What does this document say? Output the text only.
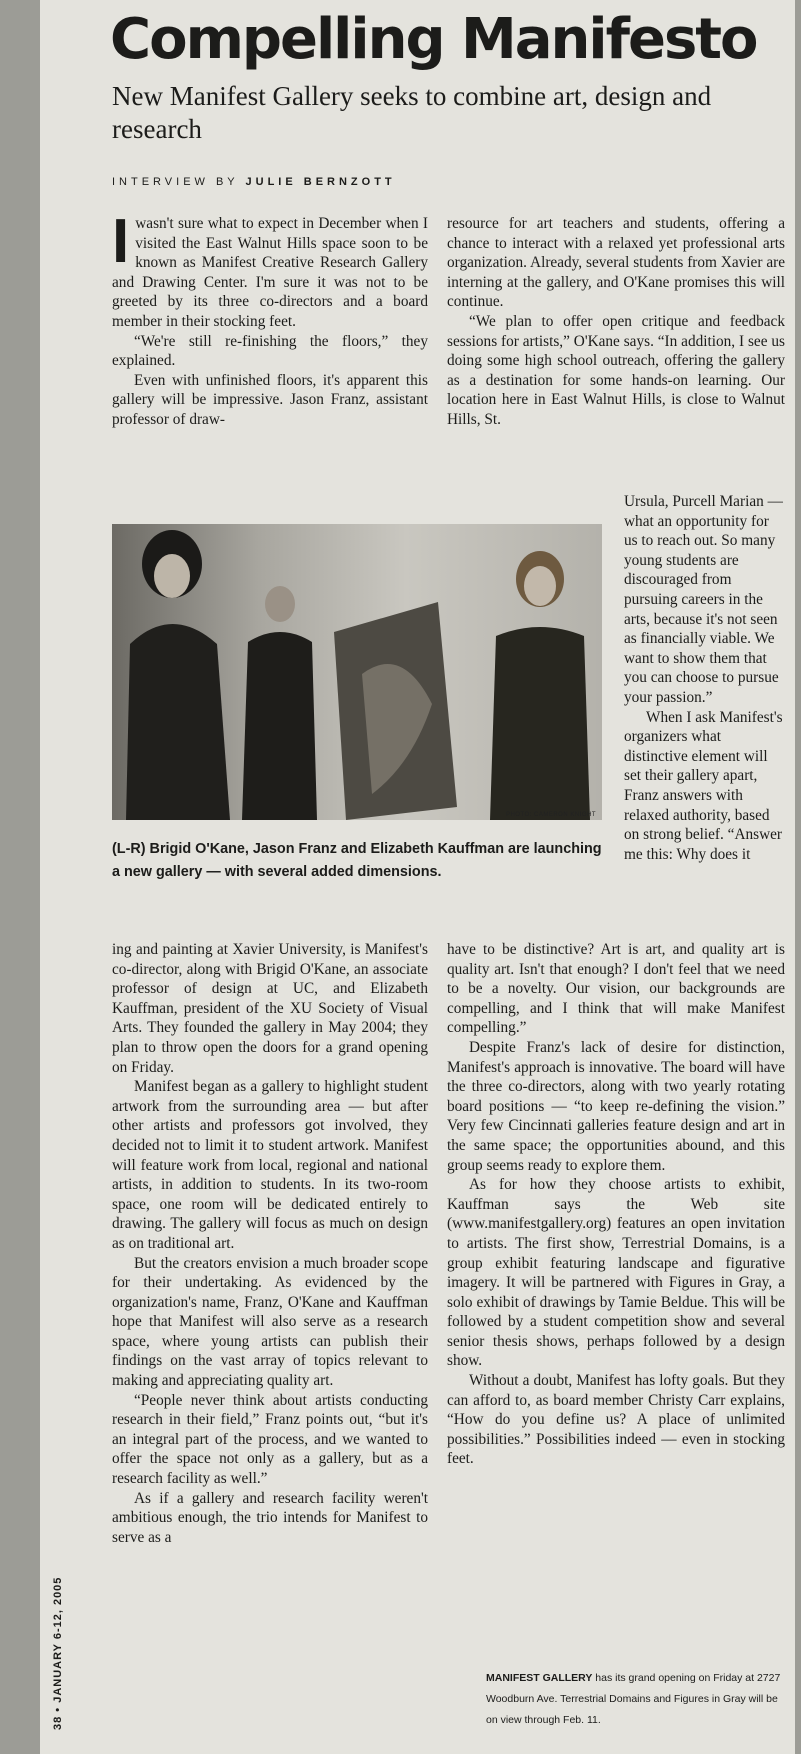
38 • JANUARY 6-12, 2005
Compelling Manifesto
New Manifest Gallery seeks to combine art, design and research
INTERVIEW BY JULIE BERNZOTT

Iwasn't sure what to expect in December when I visited the East Walnut Hills space soon to be known as Manifest Creative Research Gallery and Drawing Center. I'm sure it was not to be greeted by its three co-directors and a board member in their stocking feet.

“We're still re-finishing the floors,” they explained.

Even with unfinished floors, it's apparent this gallery will be impressive. Jason Franz, assistant professor of draw-

resource for art teachers and students, offering a chance to interact with a relaxed yet professional arts organization. Already, several students from Xavier are interning at the gallery, and O'Kane promises this will continue.

“We plan to offer open critique and feedback sessions for artists,” O'Kane says. “In addition, I see us doing some high school outreach, offering the gallery as a destination for some hands-on learning. Our location here in East Walnut Hills, is close to Walnut Hills, St.

Ursula, Purcell Marian — what an opportunity for us to reach out. So many young students are discouraged from pursuing careers in the arts, because it's not seen as financially viable. We want to show them that you can choose to pursue your passion.”

When I ask Manifest's organizers what distinctive element will set their gallery apart, Franz answers with relaxed authority, based on strong belief. “Answer me this: Why does it

PHOTO: CAMERON KNIGHT
(L-R) Brigid O'Kane, Jason Franz and Elizabeth Kauffman are launching a new gallery — with several added dimensions.

ing and painting at Xavier University, is Manifest's co-director, along with Brigid O'Kane, an associate professor of design at UC, and Elizabeth Kauffman, president of the XU Society of Visual Arts. They founded the gallery in May 2004; they plan to throw open the doors for a grand opening on Friday.

Manifest began as a gallery to highlight student artwork from the surrounding area — but after other artists and professors got involved, they decided not to limit it to student artwork. Manifest will feature work from local, regional and national artists, in addition to students. In its two-room space, one room will be dedicated entirely to drawing. The gallery will focus as much on design as on traditional art.

But the creators envision a much broader scope for their undertaking. As evidenced by the organization's name, Franz, O'Kane and Kauffman hope that Manifest will also serve as a research space, where young artists can publish their findings on the vast array of topics relevant to making and appreciating quality art.

“People never think about artists conducting research in their field,” Franz points out, “but it's an integral part of the process, and we wanted to offer the space not only as a gallery, but as a research facility as well.”

As if a gallery and research facility weren't ambitious enough, the trio intends for Manifest to serve as a

have to be distinctive? Art is art, and quality art is quality art. Isn't that enough? I don't feel that we need to be a novelty. Our vision, our backgrounds are compelling, and I think that will make Manifest compelling.”

Despite Franz's lack of desire for distinction, Manifest's approach is innovative. The board will have the three co-directors, along with two yearly rotating board positions — “to keep re-defining the vision.” Very few Cincinnati galleries feature design and art in the same space; the opportunities abound, and this group seems ready to explore them.

As for how they choose artists to exhibit, Kauffman says the Web site (www.manifestgallery.org) features an open invitation to artists. The first show, Terrestrial Domains, is a group exhibit featuring landscape and figurative imagery. It will be partnered with Figures in Gray, a solo exhibit of drawings by Tamie Beldue. This will be followed by a student competition show and several senior thesis shows, perhaps followed by a design show.

Without a doubt, Manifest has lofty goals. But they can afford to, as board member Christy Carr explains, “How do you define us? A place of unlimited possibilities.” Possibilities indeed — even in stocking feet.

MANIFEST GALLERY has its grand opening on Friday at 2727 Woodburn Ave. Terrestrial Domains and Figures in Gray will be on view through Feb. 11.
